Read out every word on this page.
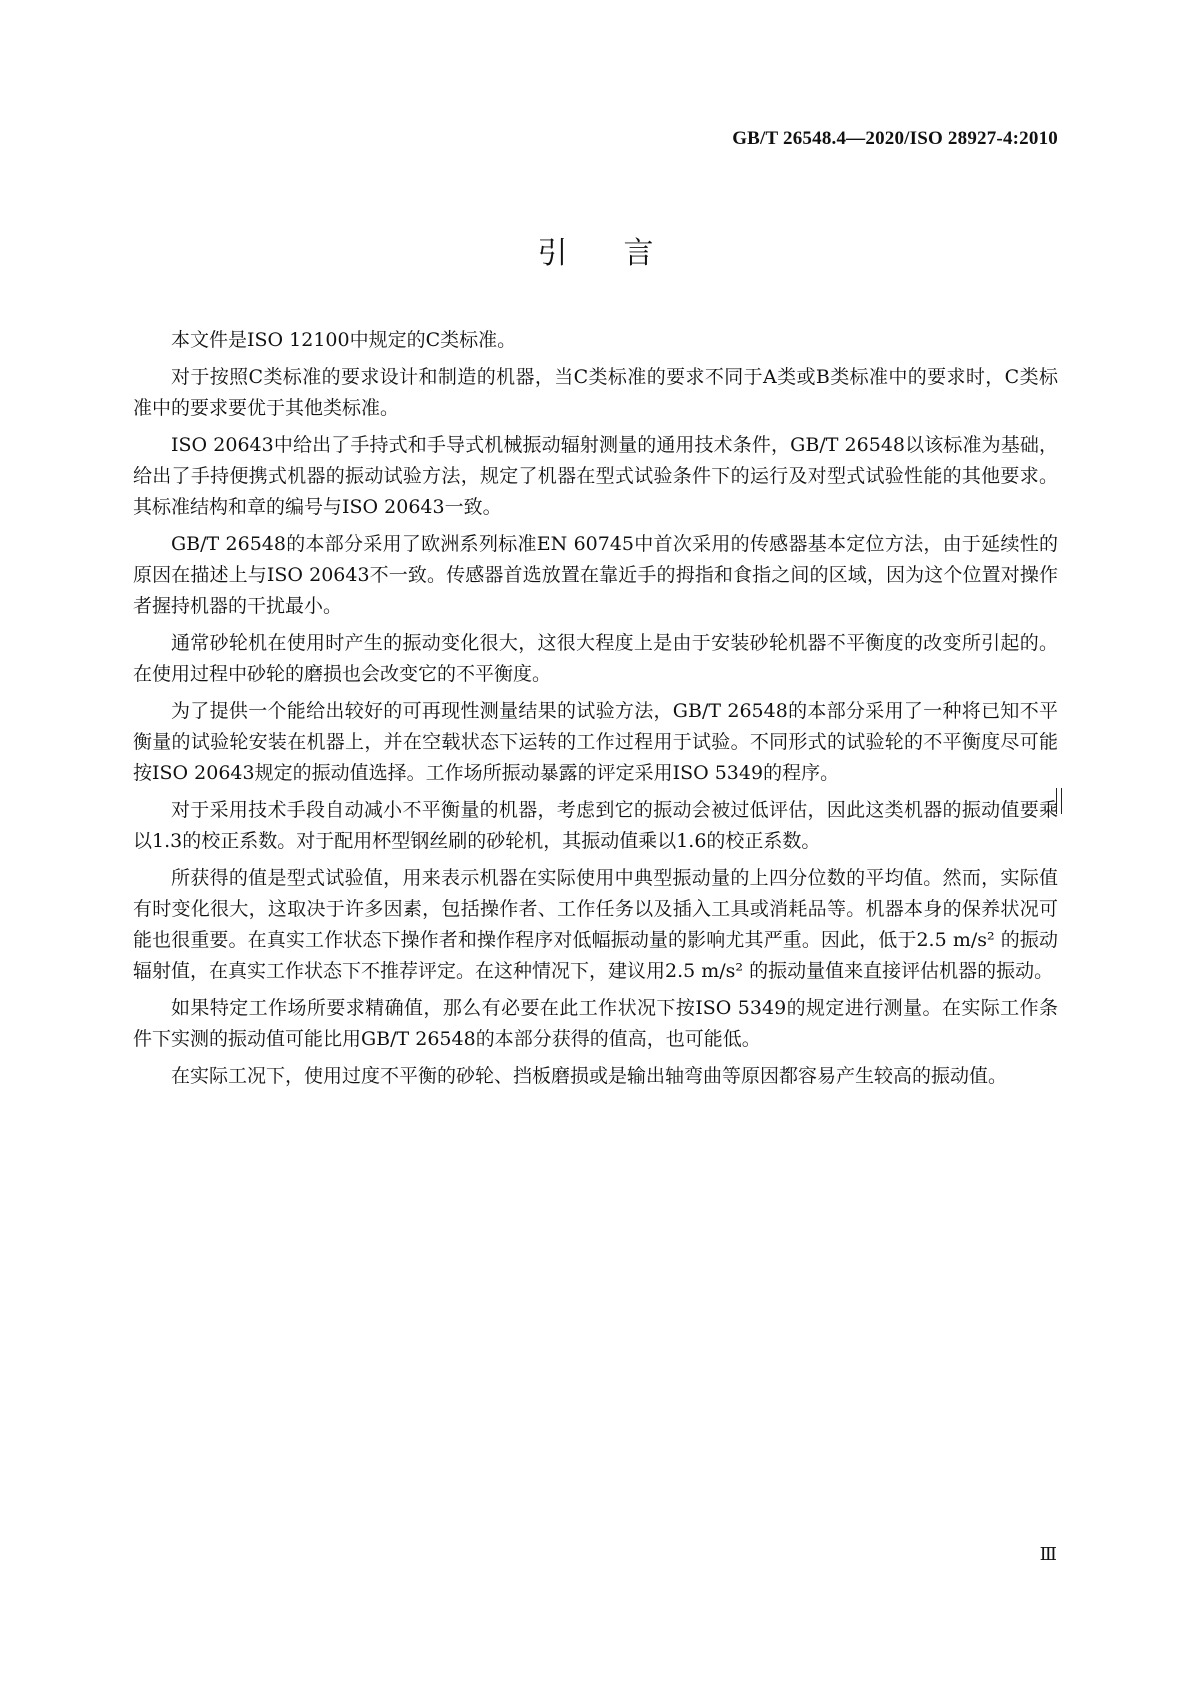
GB/T 26548.4—2020/ISO 28927-4:2010
引言

本文件是ISO 12100中规定的C类标准。

对于按照C类标准的要求设计和制造的机器，当C类标准的要求不同于A类或B类标准中的要求时，C类标准中的要求要优于其他类标准。

ISO 20643中给出了手持式和手导式机械振动辐射测量的通用技术条件，GB/T 26548以该标准为基础，给出了手持便携式机器的振动试验方法，规定了机器在型式试验条件下的运行及对型式试验性能的其他要求。其标准结构和章的编号与ISO 20643一致。

GB/T 26548的本部分采用了欧洲系列标准EN 60745中首次采用的传感器基本定位方法，由于延续性的原因在描述上与ISO 20643不一致。传感器首选放置在靠近手的拇指和食指之间的区域，因为这个位置对操作者握持机器的干扰最小。

通常砂轮机在使用时产生的振动变化很大，这很大程度上是由于安装砂轮机器不平衡度的改变所引起的。在使用过程中砂轮的磨损也会改变它的不平衡度。

为了提供一个能给出较好的可再现性测量结果的试验方法，GB/T 26548的本部分采用了一种将已知不平衡量的试验轮安装在机器上，并在空载状态下运转的工作过程用于试验。不同形式的试验轮的不平衡度尽可能按ISO 20643规定的振动值选择。工作场所振动暴露的评定采用ISO 5349的程序。

对于采用技术手段自动减小不平衡量的机器，考虑到它的振动会被过低评估，因此这类机器的振动值要乘以1.3的校正系数。对于配用杯型钢丝刷的砂轮机，其振动值乘以1.6的校正系数。

所获得的值是型式试验值，用来表示机器在实际使用中典型振动量的上四分位数的平均值。然而，实际值有时变化很大，这取决于许多因素，包括操作者、工作任务以及插入工具或消耗品等。机器本身的保养状况可能也很重要。在真实工作状态下操作者和操作程序对低幅振动量的影响尤其严重。因此，低于2.5 m/s² 的振动辐射值，在真实工作状态下不推荐评定。在这种情况下，建议用2.5 m/s² 的振动量值来直接评估机器的振动。

如果特定工作场所要求精确值，那么有必要在此工作状况下按ISO 5349的规定进行测量。在实际工作条件下实测的振动值可能比用GB/T 26548的本部分获得的值高，也可能低。

在实际工况下，使用过度不平衡的砂轮、挡板磨损或是输出轴弯曲等原因都容易产生较高的振动值。

Ⅲ
